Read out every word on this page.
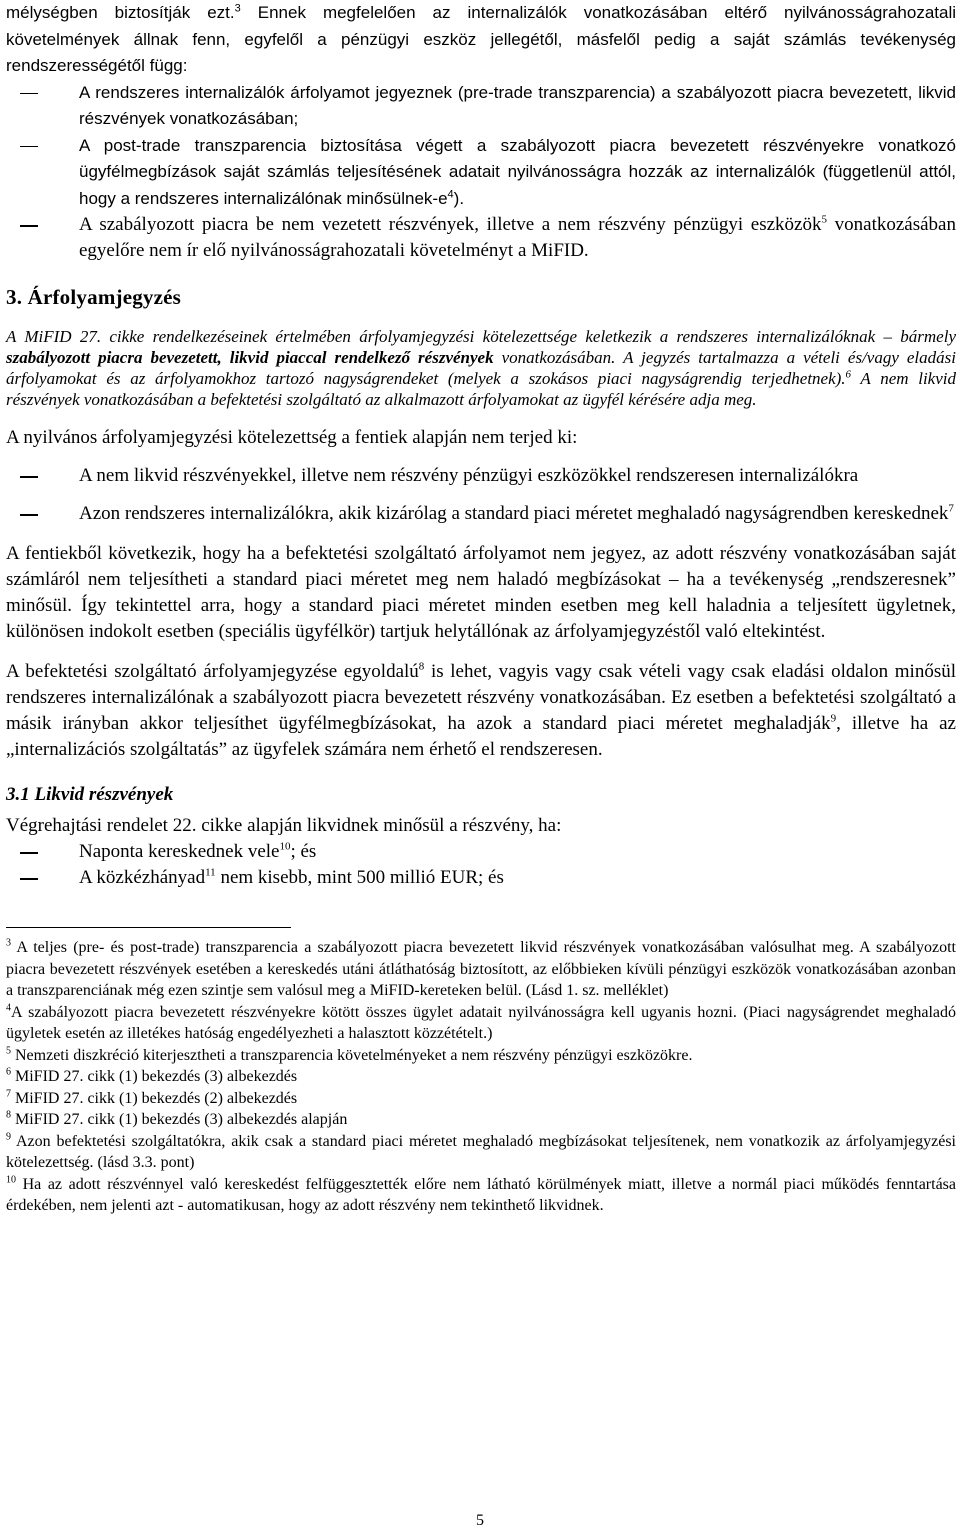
mélységben biztosítják ezt.$^3$ Ennek megfelelően az internalizálók vonatkozásában eltérő nyilvánosságrahozatali követelmények állnak fenn, egyfelől a pénzügyi eszköz jellegétől, másfelől pedig a saját számlás tevékenység rendszerességétől függ:

A rendszeres internalizálók árfolyamot jegyeznek (pre-trade transzparencia) a szabályozott piacra bevezetett, likvid részvények vonatkozásában;
A post-trade transzparencia biztosítása végett a szabályozott piacra bevezetett részvényekre vonatkozó ügyfélmegbízások saját számlás teljesítésének adatait nyilvánosságra hozzák az internalizálók (függetlenül attól, hogy a rendszeres internalizálónak minősülnek-$e^4$).
A szabályozott piacra be nem vezetett részvények, illetve a nem részvény pénzügyi eszközök$^5$ vonatkozásában egyelőre nem ír elő nyilvánosságrahozatali követelményt a MiFID.
3. Árfolyamjegyzés

A MiFID 27. cikke rendelkezéseinek értelmében árfolyamjegyzési kötelezettsége keletkezik a rendszeres internalizálóknak – bármely szabályozott piacra bevezetett, likvid piaccal rendelkező részvények vonatkozásában. A jegyzés tartalmazza a vételi és/vagy eladási árfolyamokat és az árfolyamokhoz tartozó nagyságrendeket (melyek a szokásos piaci nagyságrendig terjedhetnek).$^6$ A nem likvid részvények vonatkozásában a befektetési szolgáltató az alkalmazott árfolyamokat az ügyfél kérésére adja meg.

A nyilvános árfolyamjegyzési kötelezettség a fentiek alapján nem terjed ki:

A nem likvid részvényekkel, illetve nem részvény pénzügyi eszközökkel rendszeresen internalizálókra
Azon rendszeres internalizálókra, akik kizárólag a standard piaci méretet meghaladó nagyságrendben kereskednek$^7$

A fentiekből következik, hogy ha a befektetési szolgáltató árfolyamot nem jegyez, az adott részvény vonatkozásában saját számláról nem teljesítheti a standard piaci méretet meg nem haladó megbízásokat – ha a tevékenység „rendszeresnek” minősül. Így tekintettel arra, hogy a standard piaci méretet minden esetben meg kell haladnia a teljesített ügyletnek, különösen indokolt esetben (speciális ügyfélkör) tartjuk helytállónak az árfolyamjegyzéstől való eltekintést.

A befektetési szolgáltató árfolyamjegyzése egyoldalú$^8$ is lehet, vagyis vagy csak vételi vagy csak eladási oldalon minősül rendszeres internalizálónak a szabályozott piacra bevezetett részvény vonatkozásában. Ez esetben a befektetési szolgáltató a másik irányban akkor teljesíthet ügyfélmegbízásokat, ha azok a standard piaci méretet meghaladják$^9$, illetve ha az „internalizációs szolgáltatás” az ügyfelek számára nem érhető el rendszeresen.

3.1 Likvid részvények

Végrehajtási rendelet 22. cikke alapján likvidnek minősül a részvény, ha:

Naponta kereskednek vele$^{10}$; és
A közkézhányad$^{11}$ nem kisebb, mint 500 millió EUR; és

$^3$ A teljes (pre- és post-trade) transzparencia a szabályozott piacra bevezetett likvid részvények vonatkozásában valósulhat meg. A szabályozott piacra bevezetett részvények esetében a kereskedés utáni átláthatóság biztosított, az előbbieken kívüli pénzügyi eszközök vonatkozásában azonban a transzparenciának még ezen szintje sem valósul meg a MiFID-kereteken belül. (Lásd 1. sz. melléklet)

$^4$A szabályozott piacra bevezetett részvényekre kötött összes ügylet adatait nyilvánosságra kell ugyanis hozni. (Piaci nagyságrendet meghaladó ügyletek esetén az illetékes hatóság engedélyezheti a halasztott közzétételt.)

$^5$ Nemzeti diszkréció kiterjesztheti a transzparencia követelményeket a nem részvény pénzügyi eszközökre.

$^6$ MiFID 27. cikk (1) bekezdés (3) albekezdés

$^7$ MiFID 27. cikk (1) bekezdés (2) albekezdés

$^8$ MiFID 27. cikk (1) bekezdés (3) albekezdés alapján

$^9$ Azon befektetési szolgáltatókra, akik csak a standard piaci méretet meghaladó megbízásokat teljesítenek, nem vonatkozik az árfolyamjegyzési kötelezettség. (lásd 3.3. pont)

$^{10}$ Ha az adott részvénnyel való kereskedést felfüggesztették előre nem látható körülmények miatt, illetve a normál piaci működés fenntartása érdekében, nem jelenti azt - automatikusan, hogy az adott részvény nem tekinthető likvidnek.

5
